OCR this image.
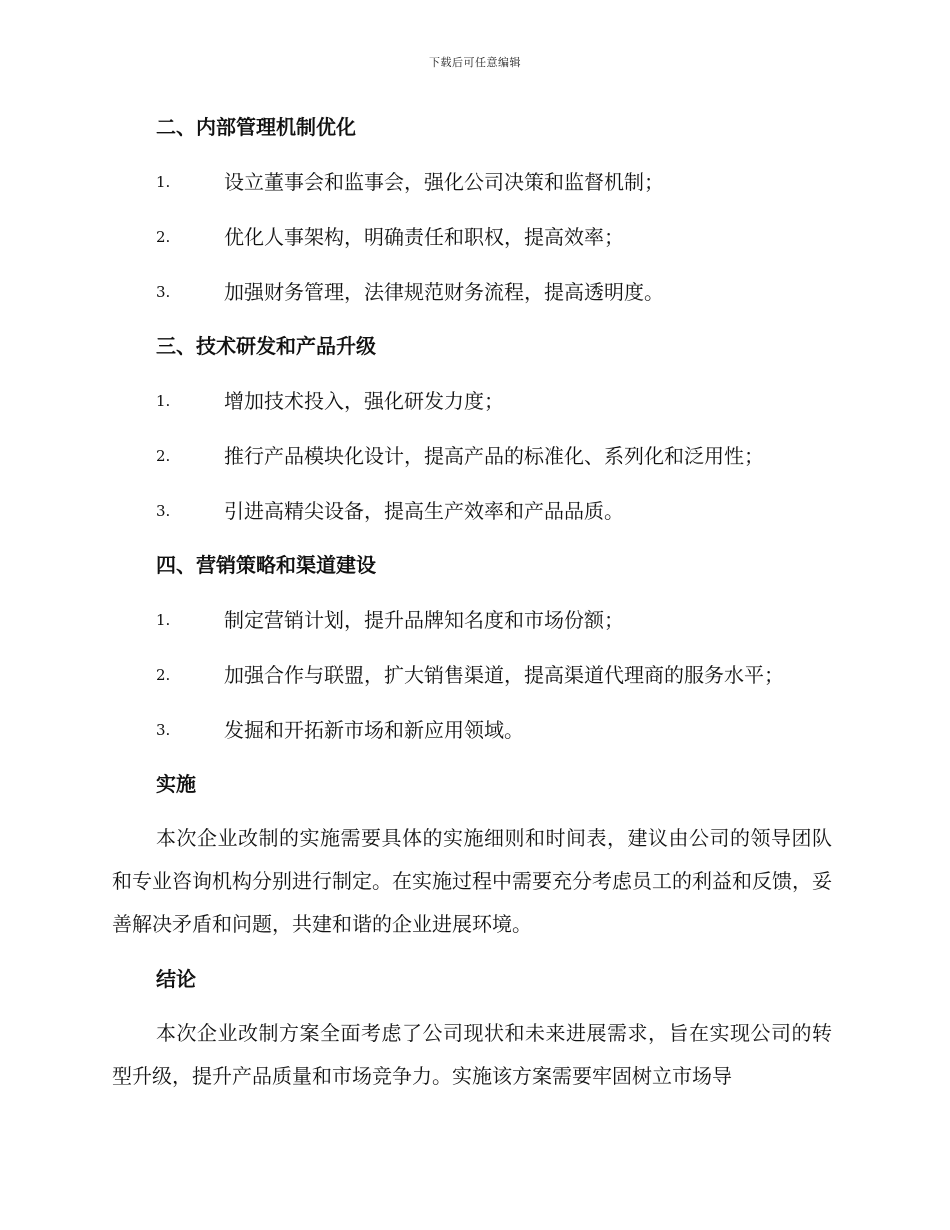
下载后可任意编辑
二、内部管理机制优化
1.	设立董事会和监事会，强化公司决策和监督机制；
2.	优化人事架构，明确责任和职权，提高效率；
3.	加强财务管理，法律规范财务流程，提高透明度。
三、技术研发和产品升级
1.	增加技术投入，强化研发力度；
2.	推行产品模块化设计，提高产品的标准化、系列化和泛用性；
3.	引进高精尖设备，提高生产效率和产品品质。
四、营销策略和渠道建设
1.	制定营销计划，提升品牌知名度和市场份额；
2.	加强合作与联盟，扩大销售渠道，提高渠道代理商的服务水平；
3.	发掘和开拓新市场和新应用领域。
实施

本次企业改制的实施需要具体的实施细则和时间表，建议由公司的领导团队和专业咨询机构分别进行制定。在实施过程中需要充分考虑员工的利益和反馈，妥善解决矛盾和问题，共建和谐的企业进展环境。

结论

本次企业改制方案全面考虑了公司现状和未来进展需求，旨在实现公司的转型升级，提升产品质量和市场竞争力。实施该方案需要牢固树立市场导
